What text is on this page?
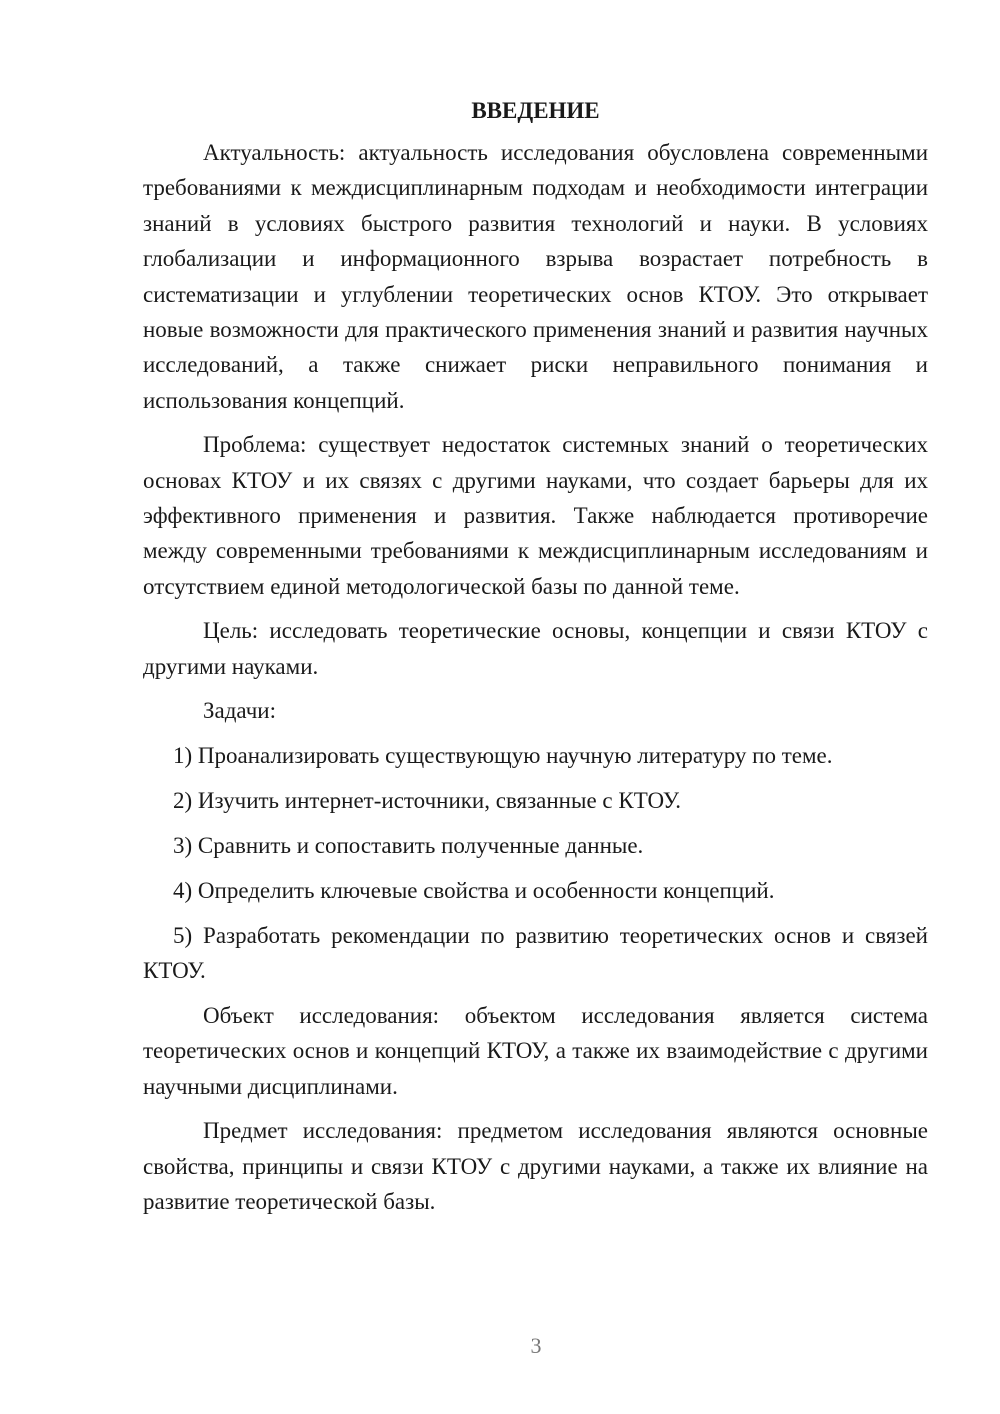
ВВЕДЕНИЕ

Актуальность: актуальность исследования обусловлена современными требованиями к междисциплинарным подходам и необходимости интеграции знаний в условиях быстрого развития технологий и науки. В условиях глобализации и информационного взрыва возрастает потребность в систематизации и углублении теоретических основ КТОУ. Это открывает новые возможности для практического применения знаний и развития научных исследований, а также снижает риски неправильного понимания и использования концепций.

Проблема: существует недостаток системных знаний о теоретических основах КТОУ и их связях с другими науками, что создает барьеры для их эффективного применения и развития. Также наблюдается противоречие между современными требованиями к междисциплинарным исследованиям и отсутствием единой методологической базы по данной теме.

Цель: исследовать теоретические основы, концепции и связи КТОУ с другими науками.

Задачи:

1) Проанализировать существующую научную литературу по теме.

2) Изучить интернет-источники, связанные с КТОУ.

3) Сравнить и сопоставить полученные данные.

4) Определить ключевые свойства и особенности концепций.

5) Разработать рекомендации по развитию теоретических основ и связей КТОУ.

Объект исследования: объектом исследования является система теоретических основ и концепций КТОУ, а также их взаимодействие с другими научными дисциплинами.

Предмет исследования: предметом исследования являются основные свойства, принципы и связи КТОУ с другими науками, а также их влияние на развитие теоретической базы.

3
